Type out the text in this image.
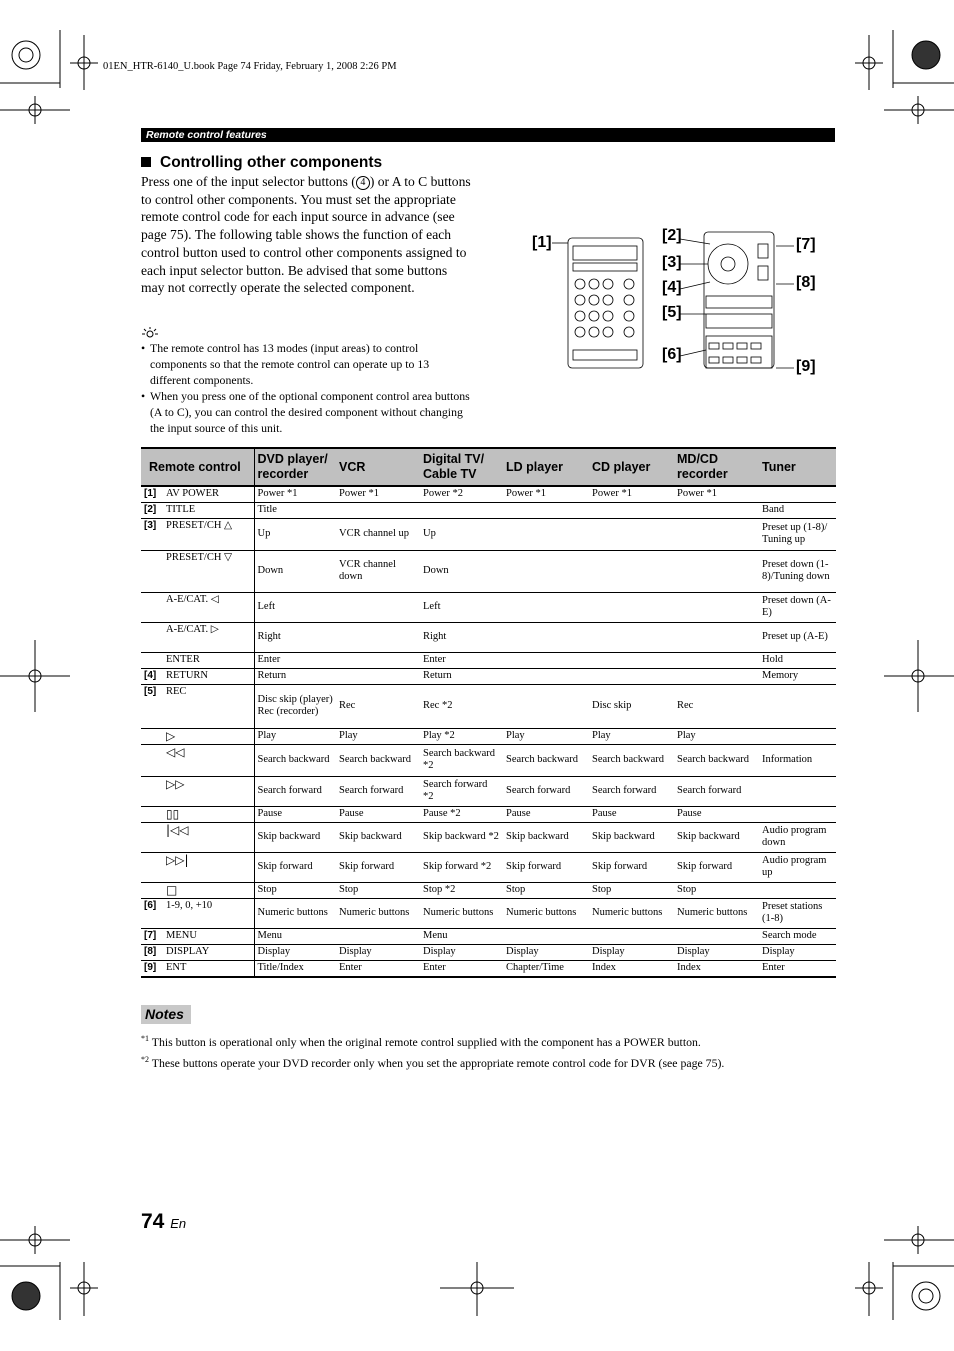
01EN_HTR-6140_U.book Page 74 Friday, February 1, 2008 2:26 PM
Remote control features
Controlling other components
Press one of the input selector buttons ( 4 ) or A to C buttons to control other components. You must set the appropriate remote control code for each input source in advance (see page 75). The following table shows the function of each control button used to control other components assigned to each input selector button. Be advised that some buttons may not correctly operate the selected component.
• The remote control has 13 modes (input areas) to control components so that the remote control can operate up to 13 different components.
• When you press one of the optional component control area buttons (A to C), you can control the desired component without changing the input source of this unit.
[1]	[2]
[3]
[4]
[5]
[6]
[7]
[8]
[9]
Remote control		DVD player/ recorder	VCR	Digital TV/ Cable TV	LD player	CD player	MD/CD recorder	Tuner
[1]	AV POWER	Power *1	Power *1	Power *2	Power *1	Power *1	Power *1	
[2]	TITLE	Title						Band
[3]	PRESET/CH △	Up	VCR channel up	Up				Preset up (1-8)/ Tuning up
	PRESET/CH ▽	Down	VCR channel down	Down				Preset down (1-8)/Tuning down
	A-E/CAT. ◁	Left		Left				Preset down (A-E)
	A-E/CAT. ▷	Right		Right				Preset up (A-E)
	ENTER	Enter		Enter				Hold
[4]	RETURN	Return		Return				Memory
[5]	REC	Disc skip (player)
Rec (recorder)	Rec	Rec *2		Disc skip	Rec	
	▷	Play	Play	Play *2	Play	Play	Play	
	◁◁	Search backward	Search backward	Search backward *2	Search backward	Search backward	Search backward	Information
	▷▷	Search forward	Search forward	Search forward *2	Search forward	Search forward	Search forward	
	▯▯	Pause	Pause	Pause *2	Pause	Pause	Pause	
	|◁◁	Skip backward	Skip backward	Skip backward *2	Skip backward	Skip backward	Skip backward	Audio program down
	▷▷|	Skip forward	Skip forward	Skip forward *2	Skip forward	Skip forward	Skip forward	Audio program up
	□	Stop	Stop	Stop *2	Stop	Stop	Stop	
[6]	1-9, 0, +10	Numeric buttons	Numeric buttons	Numeric buttons	Numeric buttons	Numeric buttons	Numeric buttons	Preset stations (1-8)
[7]	MENU	Menu		Menu				Search mode
[8]	DISPLAY	Display	Display	Display	Display	Display	Display	Display
[9]	ENT	Title/Index	Enter	Enter	Chapter/Time	Index	Index	Enter
Notes
$^{*1}$ This button is operational only when the original remote control supplied with the component has a POWER button.
$^{*2}$ These buttons operate your DVD recorder only when you set the appropriate remote control code for DVR (see page 75).
74 En
